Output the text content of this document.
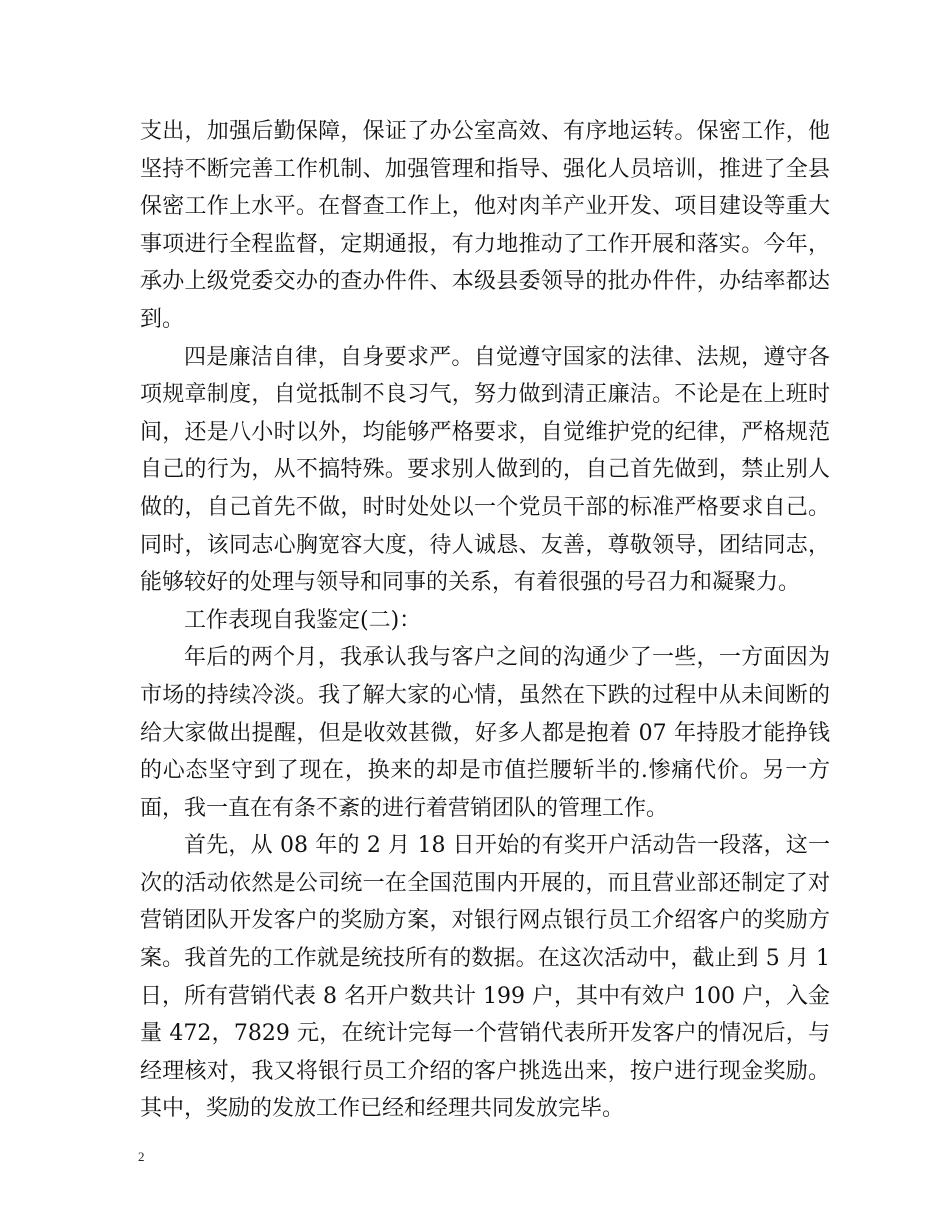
支出，加强后勤保障，保证了办公室高效、有序地运转。保密工作，他坚持不断完善工作机制、加强管理和指导、强化人员培训，推进了全县保密工作上水平。在督查工作上，他对肉羊产业开发、项目建设等重大事项进行全程监督，定期通报，有力地推动了工作开展和落实。今年，承办上级党委交办的查办件件、本级县委领导的批办件件，办结率都达到。

四是廉洁自律，自身要求严。自觉遵守国家的法律、法规，遵守各项规章制度，自觉抵制不良习气，努力做到清正廉洁。不论是在上班时间，还是八小时以外，均能够严格要求，自觉维护党的纪律，严格规范自己的行为，从不搞特殊。要求别人做到的，自己首先做到，禁止别人做的，自己首先不做，时时处处以一个党员干部的标准严格要求自己。同时，该同志心胸宽容大度，待人诚恳、友善，尊敬领导，团结同志，能够较好的处理与领导和同事的关系，有着很强的号召力和凝聚力。

工作表现自我鉴定(二)：

年后的两个月，我承认我与客户之间的沟通少了一些，一方面因为市场的持续冷淡。我了解大家的心情，虽然在下跌的过程中从未间断的给大家做出提醒，但是收效甚微，好多人都是抱着 07 年持股才能挣钱的心态坚守到了现在，换来的却是市值拦腰斩半的.惨痛代价。另一方面，我一直在有条不紊的进行着营销团队的管理工作。

首先，从 08 年的 2 月 18 日开始的有奖开户活动告一段落，这一次的活动依然是公司统一在全国范围内开展的，而且营业部还制定了对营销团队开发客户的奖励方案，对银行网点银行员工介绍客户的奖励方案。我首先的工作就是统技所有的数据。在这次活动中，截止到 5 月 1 日，所有营销代表 8 名开户数共计 199 户，其中有效户 100 户，入金量 472，7829 元，在统计完每一个营销代表所开发客户的情况后，与经理核对，我又将银行员工介绍的客户挑选出来，按户进行现金奖励。其中，奖励的发放工作已经和经理共同发放完毕。

2
